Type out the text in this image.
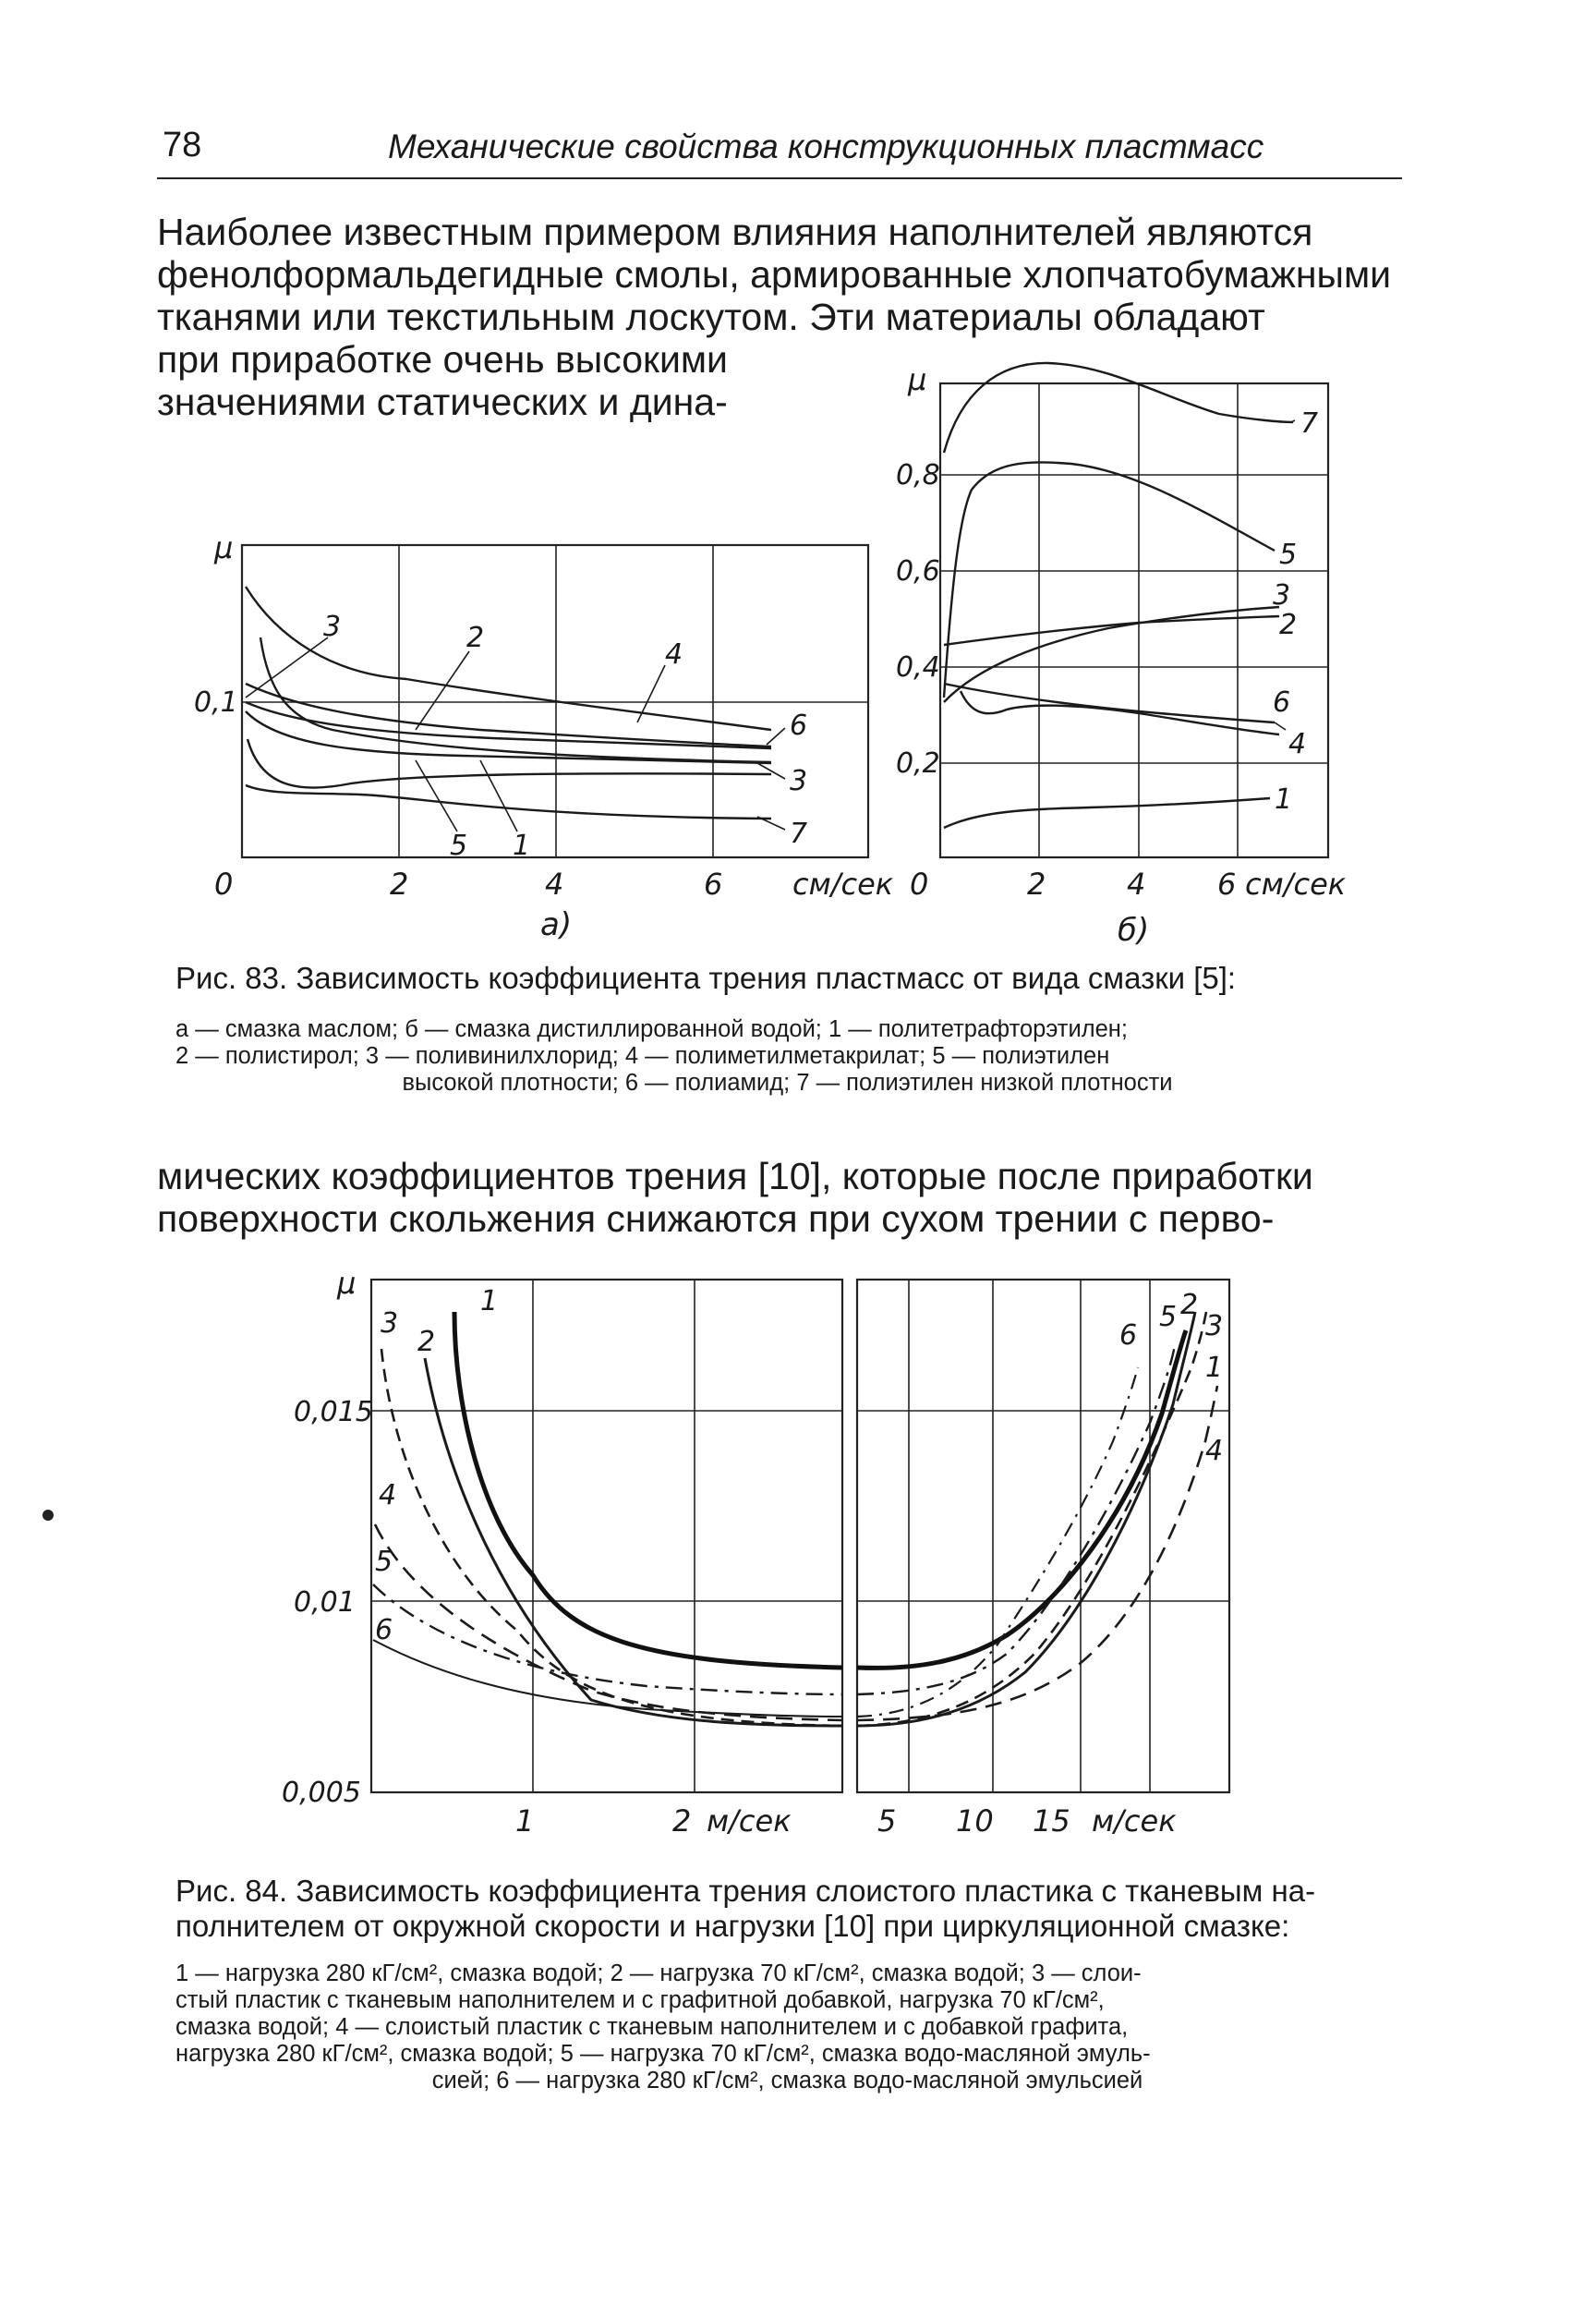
78	Механические свойства конструкционных пластмасс
Наиболее известным примером влияния наполнителей являются
фенолформальдегидные смолы, армированные хлопчатобумажными
тканями или текстильным лоскутом. Эти материалы обладают
при приработке очень высокими
значениями статических и дина-
3	2
4
6
3
7
5 1
μ
0,1
0	2	4	6 см/сек
а)
7
5
3
2
6
4
1
μ
0,8
0,6
0,4
0,2
0	2	4 6 см/сек
б)
1
2
3
4
5
6
μ
0,015
0,01
0,005
1	2 м/сек
6
5 2
3
1
4
5 10 15 м/сек
Рис. 83. Зависимость коэффициента трения пластмасс от вида смазки [5]:
а — смазка маслом; б — смазка дистиллированной водой; 1 — политетрафторэтилен;
2 — полистирол; 3 — поливинилхлорид; 4 — полиметилметакрилат; 5 — полиэтилен
высокой плотности; 6 — полиамид; 7 — полиэтилен низкой плотности
мических коэффициентов трения [10], которые после приработки
поверхности скольжения снижаются при сухом трении с перво-
Рис. 84. Зависимость коэффициента трения слоистого пластика с тканевым на-
полнителем от окружной скорости и нагрузки [10] при циркуляционной смазке:
1 — нагрузка 280 кГ/см², смазка водой; 2 — нагрузка 70 кГ/см², смазка водой; 3 — слои-
стый пластик с тканевым наполнителем и с графитной добавкой, нагрузка 70 кГ/см²,
смазка водой; 4 — слоистый пластик с тканевым наполнителем и с добавкой графита,
нагрузка 280 кГ/см², смазка водой; 5 — нагрузка 70 кГ/см², смазка водо-масляной эмуль-
сией; 6 — нагрузка 280 кГ/см², смазка водо-масляной эмульсией
